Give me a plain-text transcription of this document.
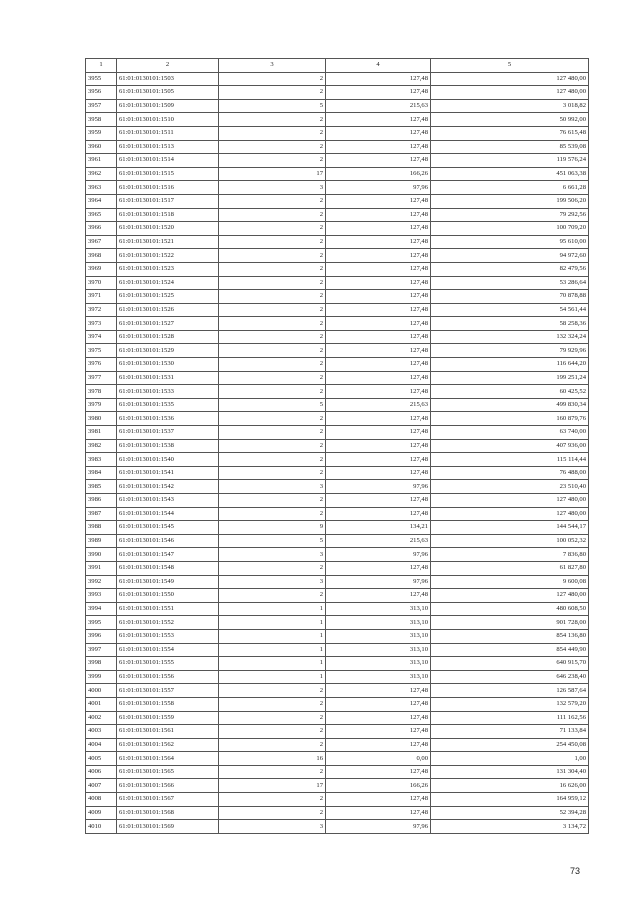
1	2	3	4	5
3955	61:01:0130101:1503	2	127,48	127 480,00
3956	61:01:0130101:1505	2	127,48	127 480,00
3957	61:01:0130101:1509	5	215,63	3 018,82
3958	61:01:0130101:1510	2	127,48	50 992,00
3959	61:01:0130101:1511	2	127,48	76 615,48
3960	61:01:0130101:1513	2	127,48	85 539,08
3961	61:01:0130101:1514	2	127,48	119 576,24
3962	61:01:0130101:1515	17	166,26	451 063,38
3963	61:01:0130101:1516	3	97,96	6 661,28
3964	61:01:0130101:1517	2	127,48	199 506,20
3965	61:01:0130101:1518	2	127,48	79 292,56
3966	61:01:0130101:1520	2	127,48	100 709,20
3967	61:01:0130101:1521	2	127,48	95 610,00
3968	61:01:0130101:1522	2	127,48	94 972,60
3969	61:01:0130101:1523	2	127,48	82 479,56
3970	61:01:0130101:1524	2	127,48	53 286,64
3971	61:01:0130101:1525	2	127,48	70 878,88
3972	61:01:0130101:1526	2	127,48	54 561,44
3973	61:01:0130101:1527	2	127,48	58 258,36
3974	61:01:0130101:1528	2	127,48	132 324,24
3975	61:01:0130101:1529	2	127,48	79 929,96
3976	61:01:0130101:1530	2	127,48	116 644,20
3977	61:01:0130101:1531	2	127,48	199 251,24
3978	61:01:0130101:1533	2	127,48	60 425,52
3979	61:01:0130101:1535	5	215,63	499 830,34
3980	61:01:0130101:1536	2	127,48	160 879,76
3981	61:01:0130101:1537	2	127,48	63 740,00
3982	61:01:0130101:1538	2	127,48	407 936,00
3983	61:01:0130101:1540	2	127,48	115 114,44
3984	61:01:0130101:1541	2	127,48	76 488,00
3985	61:01:0130101:1542	3	97,96	23 510,40
3986	61:01:0130101:1543	2	127,48	127 480,00
3987	61:01:0130101:1544	2	127,48	127 480,00
3988	61:01:0130101:1545	9	134,21	144 544,17
3989	61:01:0130101:1546	5	215,63	100 052,32
3990	61:01:0130101:1547	3	97,96	7 836,80
3991	61:01:0130101:1548	2	127,48	61 827,80
3992	61:01:0130101:1549	3	97,96	9 600,08
3993	61:01:0130101:1550	2	127,48	127 480,00
3994	61:01:0130101:1551	1	313,10	480 608,50
3995	61:01:0130101:1552	1	313,10	901 728,00
3996	61:01:0130101:1553	1	313,10	854 136,80
3997	61:01:0130101:1554	1	313,10	854 449,90
3998	61:01:0130101:1555	1	313,10	640 915,70
3999	61:01:0130101:1556	1	313,10	646 238,40
4000	61:01:0130101:1557	2	127,48	126 587,64
4001	61:01:0130101:1558	2	127,48	132 579,20
4002	61:01:0130101:1559	2	127,48	111 162,56
4003	61:01:0130101:1561	2	127,48	71 133,84
4004	61:01:0130101:1562	2	127,48	254 450,08
4005	61:01:0130101:1564	16	0,00	1,00
4006	61:01:0130101:1565	2	127,48	131 304,40
4007	61:01:0130101:1566	17	166,26	16 626,00
4008	61:01:0130101:1567	2	127,48	164 959,12
4009	61:01:0130101:1568	2	127,48	52 394,28
4010	61:01:0130101:1569	3	97,96	3 134,72
73
